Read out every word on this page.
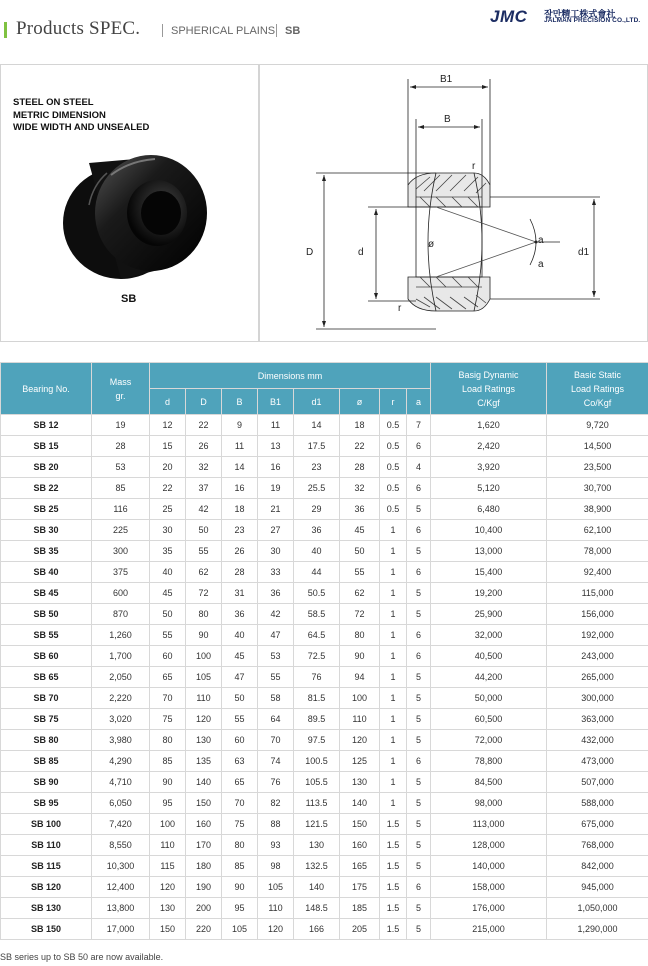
Products SPEC.	SPHERICAL PLAINS SB
JMC 잘만精工株式會社
JALMAN PRECISION CO.,LTD.
STEEL ON STEEL
METRIC DIMENSION
WIDE WIDTH AND UNSEALED
SB
B1
B
r
r
D	d
ø
d1
a
a
Bearing No.	Mass
gr.	Dimensions mm								Basig Dynamic
Load Ratings
C/Kgf	Basic Static
Load Ratings
Co/Kgf

		d	D	B	B1	d1	ø	r	a		
SB 12	19	12	22	9	11	14	18	0.5	7	1,620	9,720
SB 15	28	15	26	11	13	17.5	22	0.5	6	2,420	14,500
SB 20	53	20	32	14	16	23	28	0.5	4	3,920	23,500
SB 22	85	22	37	16	19	25.5	32	0.5	6	5,120	30,700
SB 25	116	25	42	18	21	29	36	0.5	5	6,480	38,900
SB 30	225	30	50	23	27	36	45	1	6	10,400	62,100
SB 35	300	35	55	26	30	40	50	1	5	13,000	78,000
SB 40	375	40	62	28	33	44	55	1	6	15,400	92,400
SB 45	600	45	72	31	36	50.5	62	1	5	19,200	115,000
SB 50	870	50	80	36	42	58.5	72	1	5	25,900	156,000
SB 55	1,260	55	90	40	47	64.5	80	1	6	32,000	192,000
SB 60	1,700	60	100	45	53	72.5	90	1	6	40,500	243,000
SB 65	2,050	65	105	47	55	76	94	1	5	44,200	265,000
SB 70	2,220	70	110	50	58	81.5	100	1	5	50,000	300,000
SB 75	3,020	75	120	55	64	89.5	110	1	5	60,500	363,000
SB 80	3,980	80	130	60	70	97.5	120	1	5	72,000	432,000
SB 85	4,290	85	135	63	74	100.5	125	1	6	78,800	473,000
SB 90	4,710	90	140	65	76	105.5	130	1	5	84,500	507,000
SB 95	6,050	95	150	70	82	113.5	140	1	5	98,000	588,000
SB 100	7,420	100	160	75	88	121.5	150	1.5	5	113,000	675,000
SB 110	8,550	110	170	80	93	130	160	1.5	5	128,000	768,000
SB 115	10,300	115	180	85	98	132.5	165	1.5	5	140,000	842,000
SB 120	12,400	120	190	90	105	140	175	1.5	6	158,000	945,000
SB 130	13,800	130	200	95	110	148.5	185	1.5	5	176,000	1,050,000
SB 150	17,000	150	220	105	120	166	205	1.5	5	215,000	1,290,000
SB series up to SB 50 are now available.
